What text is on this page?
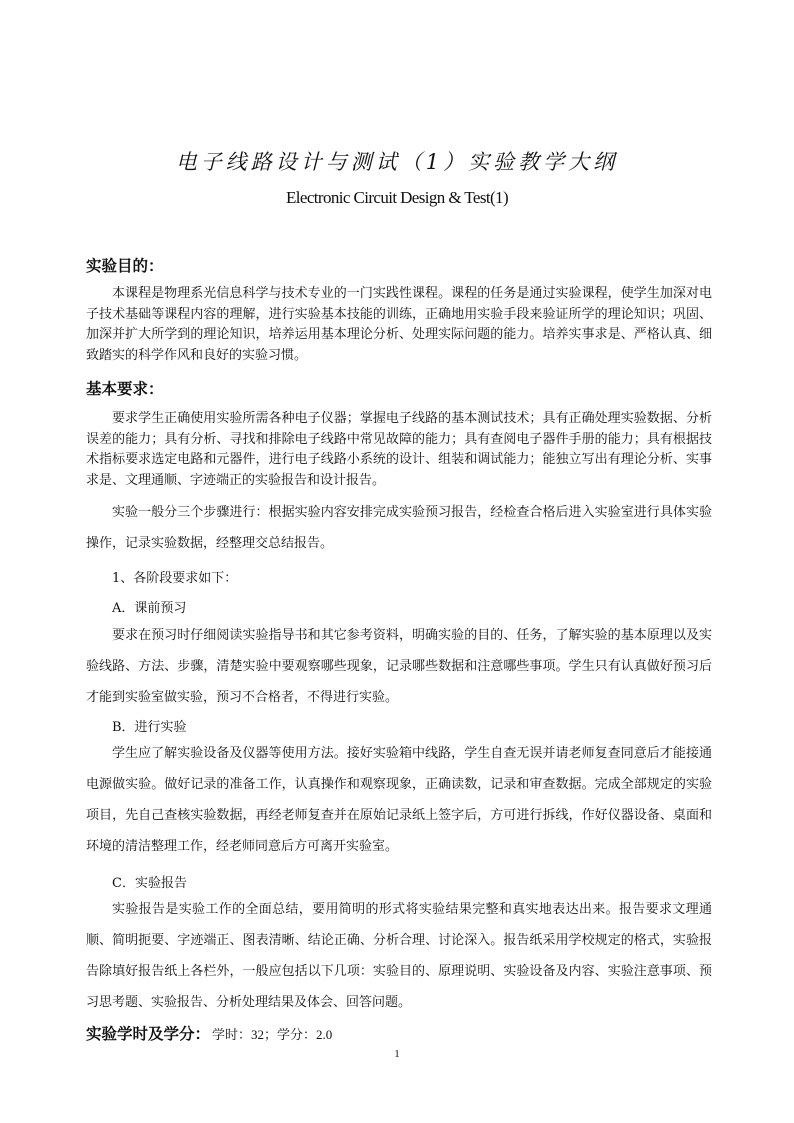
电子线路设计与测试（1）实验教学大纲
Electronic Circuit Design & Test(1)
实验目的：

本课程是物理系光信息科学与技术专业的一门实践性课程。课程的任务是通过实验课程，使学生加深对电子技术基础等课程内容的理解，进行实验基本技能的训练，正确地用实验手段来验证所学的理论知识；巩固、加深并扩大所学到的理论知识，培养运用基本理论分析、处理实际问题的能力。培养实事求是、严格认真、细致踏实的科学作风和良好的实验习惯。

基本要求：

要求学生正确使用实验所需各种电子仪器；掌握电子线路的基本测试技术；具有正确处理实验数据、分析误差的能力；具有分析、寻找和排除电子线路中常见故障的能力；具有查阅电子器件手册的能力；具有根据技术指标要求选定电路和元器件，进行电子线路小系统的设计、组装和调试能力；能独立写出有理论分析、实事求是、文理通顺、字迹端正的实验报告和设计报告。

实验一般分三个步骤进行：根据实验内容安排完成实验预习报告，经检查合格后进入实验室进行具体实验操作，记录实验数据，经整理交总结报告。

1、各阶段要求如下：

A．课前预习

要求在预习时仔细阅读实验指导书和其它参考资料，明确实验的目的、任务，了解实验的基本原理以及实验线路、方法、步骤，清楚实验中要观察哪些现象，记录哪些数据和注意哪些事项。学生只有认真做好预习后才能到实验室做实验，预习不合格者，不得进行实验。

B．进行实验

学生应了解实验设备及仪器等使用方法。接好实验箱中线路，学生自查无误并请老师复查同意后才能接通电源做实验。做好记录的准备工作，认真操作和观察现象，正确读数，记录和审查数据。完成全部规定的实验项目，先自己查核实验数据，再经老师复查并在原始记录纸上签字后，方可进行拆线，作好仪器设备、桌面和环境的清洁整理工作，经老师同意后方可离开实验室。

C．实验报告

实验报告是实验工作的全面总结，要用简明的形式将实验结果完整和真实地表达出来。报告要求文理通顺、简明扼要、字迹端正、图表清晰、结论正确、分析合理、讨论深入。报告纸采用学校规定的格式，实验报告除填好报告纸上各栏外，一般应包括以下几项：实验目的、原理说明、实验设备及内容、实验注意事项、预习思考题、实验报告、分析处理结果及体会、回答问题。

实验学时及学分： 学时：32；学分：2.0
1
